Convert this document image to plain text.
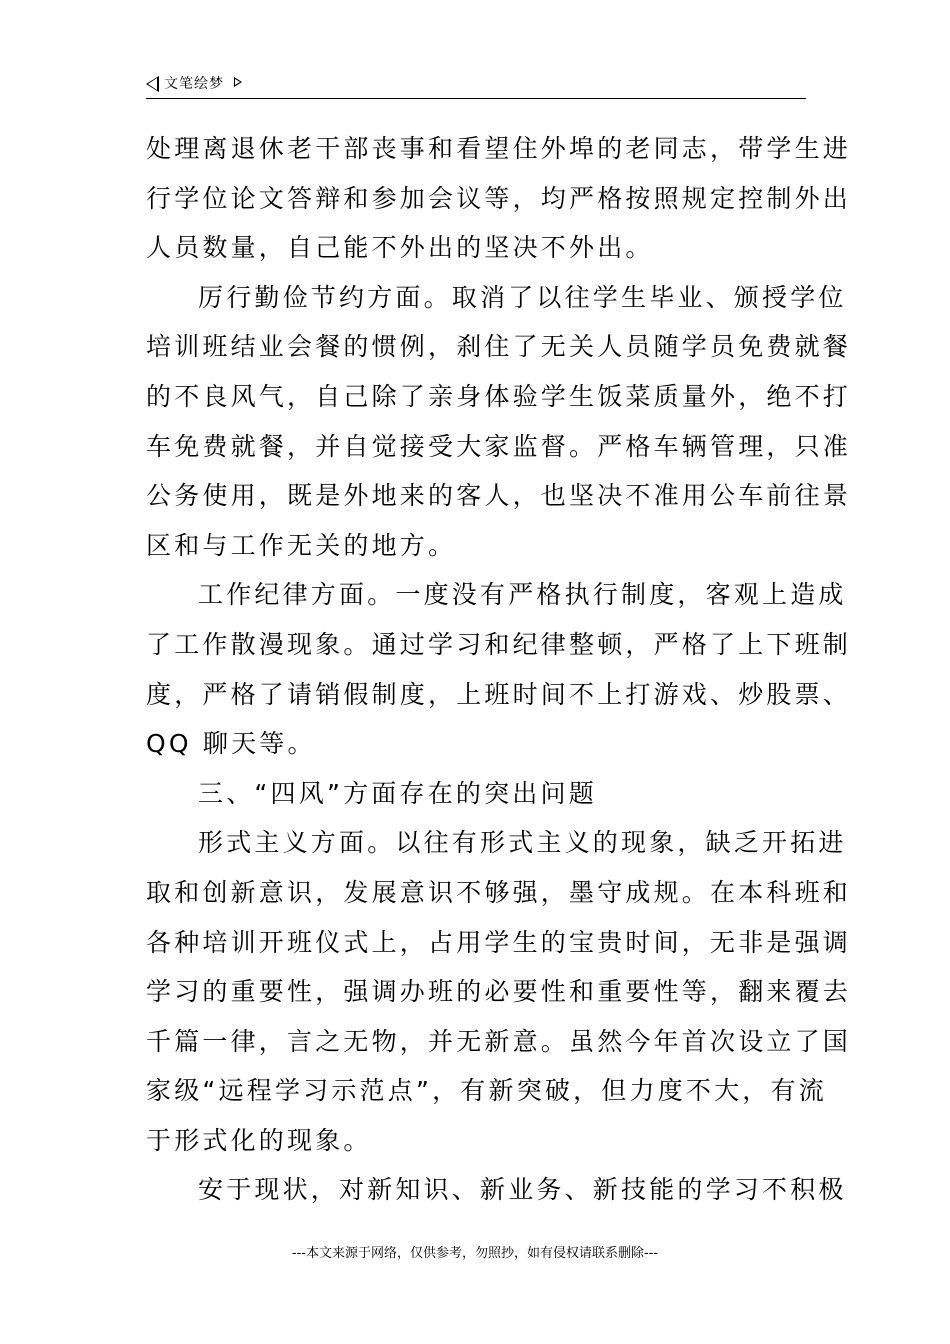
文笔绘梦
处理离退休老干部丧事和看望住外埠的老同志，带学生进
行学位论文答辩和参加会议等，均严格按照规定控制外出
人员数量，自己能不外出的坚决不外出。
厉行勤俭节约方面。取消了以往学生毕业、颁授学位
培训班结业会餐的惯例，刹住了无关人员随学员免费就餐
的不良风气，自己除了亲身体验学生饭菜质量外，绝不打
车免费就餐，并自觉接受大家监督。严格车辆管理，只准
公务使用，既是外地来的客人，也坚决不准用公车前往景
区和与工作无关的地方。
工作纪律方面。一度没有严格执行制度，客观上造成
了工作散漫现象。通过学习和纪律整顿，严格了上下班制
度，严格了请销假制度，上班时间不上打游戏、炒股票、
QQ 聊天等。
三、“四风”方面存在的突出问题
形式主义方面。以往有形式主义的现象，缺乏开拓进
取和创新意识，发展意识不够强，墨守成规。在本科班和
各种培训开班仪式上，占用学生的宝贵时间，无非是强调
学习的重要性，强调办班的必要性和重要性等，翻来覆去
千篇一律，言之无物，并无新意。虽然今年首次设立了国
家级“远程学习示范点”，有新突破，但力度不大，有流
于形式化的现象。
安于现状，对新知识、新业务、新技能的学习不积极
---本文来源于网络，仅供参考，勿照抄，如有侵权请联系删除---
